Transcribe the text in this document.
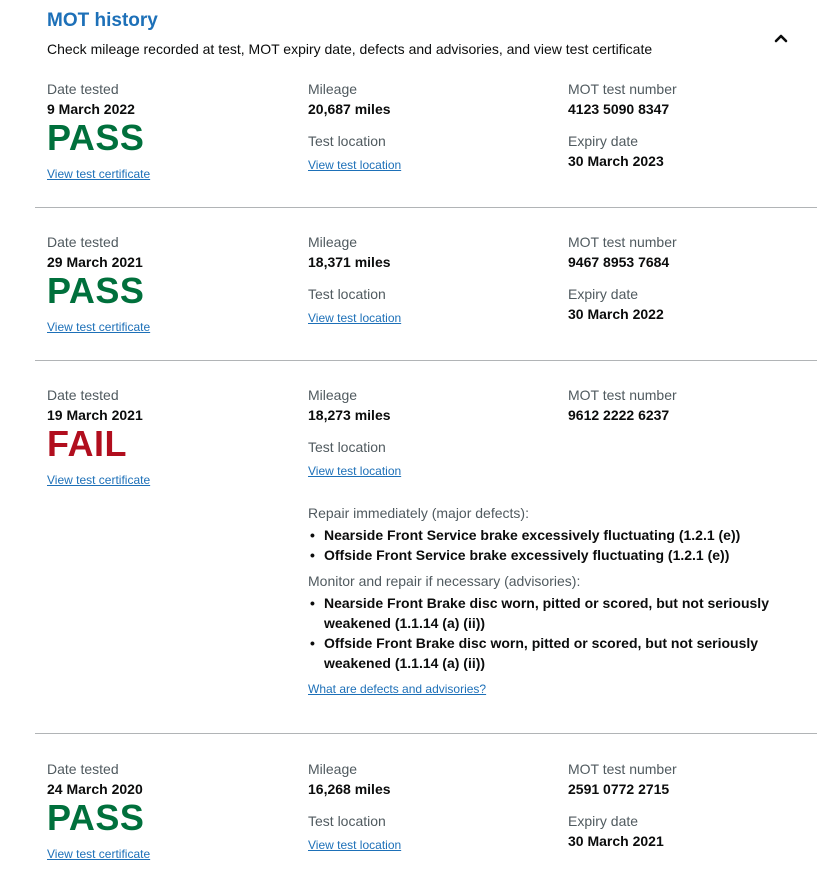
MOT history
Check mileage recorded at test, MOT expiry date, defects and advisories, and view test certificate
Date tested
9 March 2022
PASS
View test certificate
Mileage
20,687 miles
Test location
View test location
MOT test number
4123 5090 8347
Expiry date
30 March 2023
Date tested
29 March 2021
PASS
View test certificate
Mileage
18,371 miles
Test location
View test location
MOT test number
9467 8953 7684
Expiry date
30 March 2022
Date tested
19 March 2021
FAIL
View test certificate
Mileage
18,273 miles
Test location
View test location
Repair immediately (major defects):
• Nearside Front Service brake excessively fluctuating (1.2.1 (e))
• Offside Front Service brake excessively fluctuating (1.2.1 (e))
Monitor and repair if necessary (advisories):
• Nearside Front Brake disc worn, pitted or scored, but not seriously weakened (1.1.14 (a) (ii))
• Offside Front Brake disc worn, pitted or scored, but not seriously weakened (1.1.14 (a) (ii))
What are defects and advisories?
MOT test number
9612 2222 6237
Date tested
24 March 2020
PASS
View test certificate
Mileage
16,268 miles
Test location
View test location
MOT test number
2591 0772 2715
Expiry date
30 March 2021
